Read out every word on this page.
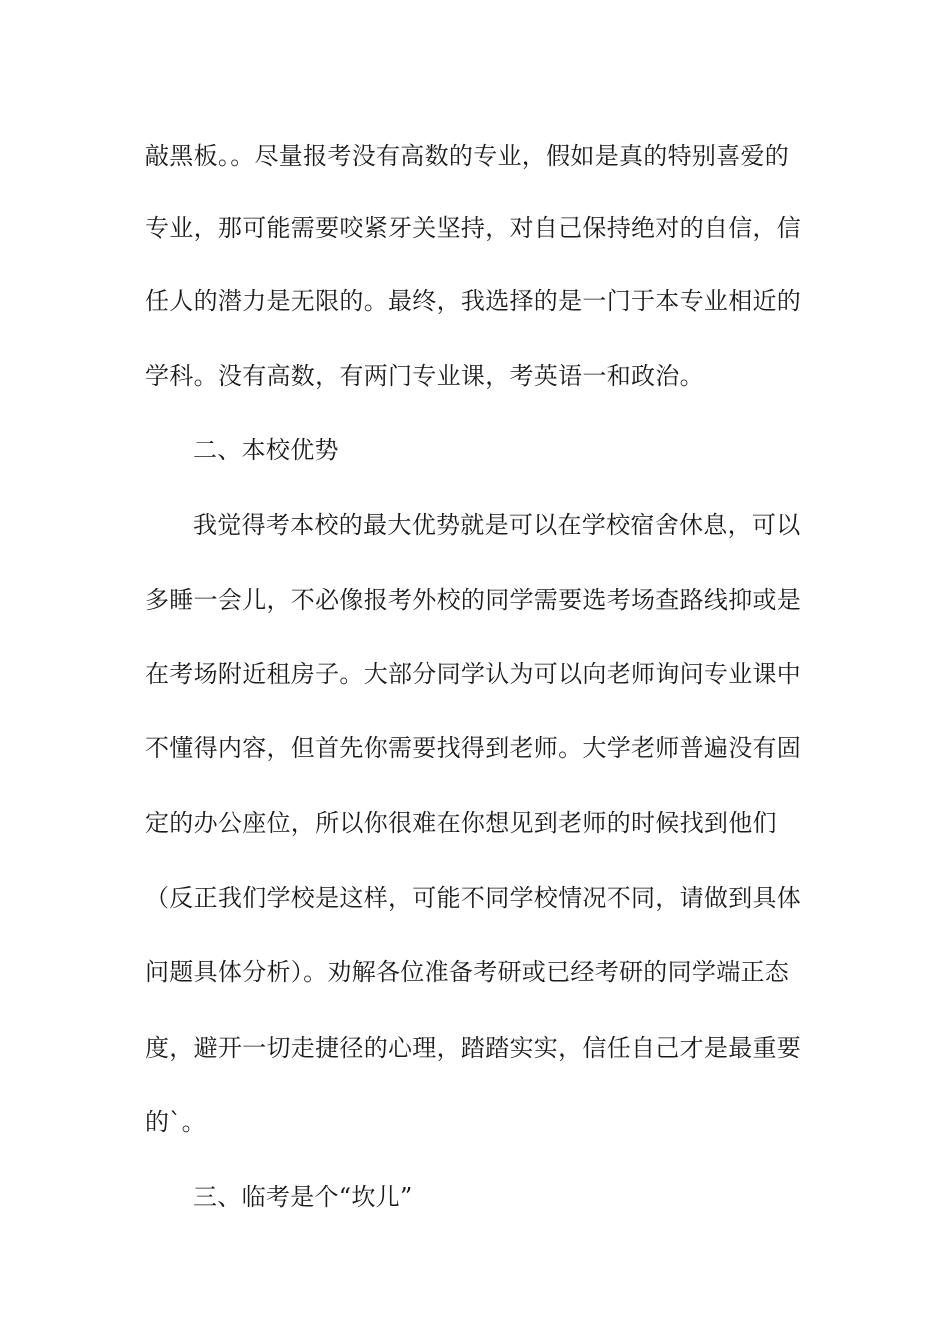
敲黑板。。尽量报考没有高数的专业，假如是真的特别喜爱的
专业，那可能需要咬紧牙关坚持，对自己保持绝对的自信，信
任人的潜力是无限的。最终，我选择的是一门于本专业相近的
学科。没有高数，有两门专业课，考英语一和政治。
二、本校优势
我觉得考本校的最大优势就是可以在学校宿舍休息，可以
多睡一会儿，不必像报考外校的同学需要选考场查路线抑或是
在考场附近租房子。大部分同学认为可以向老师询问专业课中
不懂得内容，但首先你需要找得到老师。大学老师普遍没有固
定的办公座位，所以你很难在你想见到老师的时候找到他们
（反正我们学校是这样，可能不同学校情况不同，请做到具体
问题具体分析）。劝解各位准备考研或已经考研的同学端正态
度，避开一切走捷径的心理，踏踏实实，信任自己才是最重要
的`。
三、临考是个“坎儿”
